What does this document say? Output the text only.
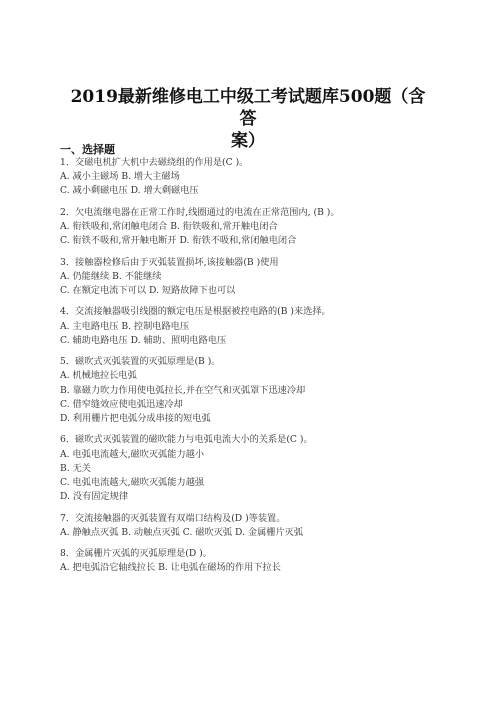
2019最新维修电工中级工考试题库500题（含答
案）
一、选择题
1．交磁电机扩大机中去磁绕组的作用是(C )。
A. 减小主磁场 B. 增大主磁场
C. 减小剩磁电压 D. 增大剩磁电压
2．欠电流继电器在正常工作时,线圈通过的电流在正常范围内, (B )。
A. 衔铁吸和,常闭触电闭合 B. 衔铁吸和,常开触电闭合
C. 衔铁不吸和,常开触电断开 D. 衔铁不吸和,常闭触电闭合
3．接触器检修后由于灭弧装置损坏,该接触器(B )使用
A. 仍能继续 B. 不能继续
C. 在额定电流下可以 D. 短路故障下也可以
4．交流接触器吸引线圈的额定电压是根据被控电路的(B )来选择。
A. 主电路电压 B. 控制电路电压
C. 辅助电路电压 D. 辅助、照明电路电压
5．磁吹式灭弧装置的灭弧原理是(B )。
A. 机械地拉长电弧
B. 靠磁力吹力作用使电弧拉长,并在空气和灭弧罩下迅速冷却
C. 借窄缝效应使电弧迅速冷却
D. 利用栅片把电弧分成串接的短电弧
6．磁吹式灭弧装置的磁吹能力与电弧电流大小的关系是(C )。
A. 电弧电流越大,磁吹灭弧能力越小
B. 无关
C. 电弧电流越大,磁吹灭弧能力越强
D. 没有固定规律
7．交流接触器的灭弧装置有双端口结构及(D )等装置。
A. 静触点灭弧 B. 动触点灭弧 C. 磁吹灭弧 D. 金属栅片灭弧
8．金属栅片灭弧的灭弧原理是(D )。
A. 把电弧沿它轴线拉长 B. 让电弧在磁场的作用下拉长
